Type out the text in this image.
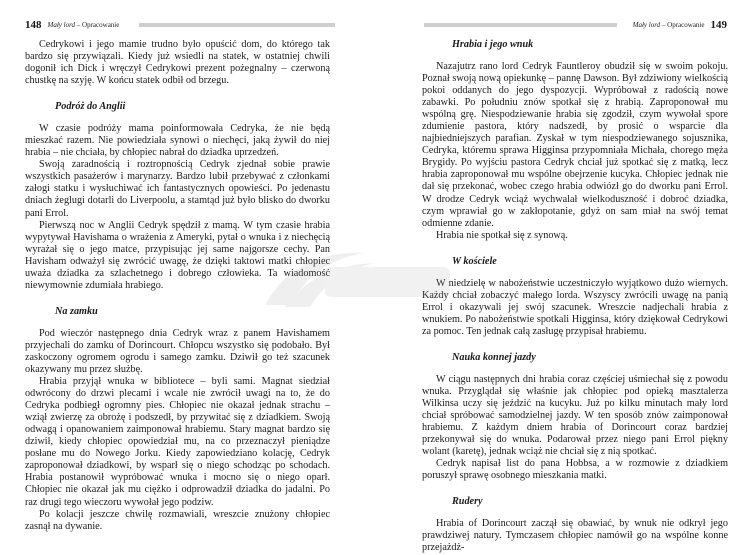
148 Mały lord – Opracowanie

Cedrykowi i jego mamie trudno było opuścić dom, do którego tak bardzo się przywiązali. Kiedy już wsiedli na statek, w ostatniej chwili dogonił ich Dick i wręczył Cedrykowi prezent pożegnalny – czerwoną chustkę na szyję. W końcu statek odbił od brzegu.

Podróż do Anglii

W czasie podróży mama poinformowała Cedryka, że nie będą mieszkać razem. Nie powiedziała synowi o niechęci, jaką żywił do niej hrabia – nie chciała, by chłopiec nabrał do dziadka uprzedzeń.

Swoją zaradnością i roztropnością Cedryk zjednał sobie prawie wszystkich pasażerów i marynarzy. Bardzo lubił przebywać z członkami załogi statku i wysłuchiwać ich fantastycznych opowieści. Po jedenastu dniach żeglugi dotarli do Liverpoolu, a stamtąd już było blisko do dworku pani Errol.

Pierwszą noc w Anglii Cedryk spędził z mamą. W tym czasie hrabia wypytywał Havishama o wrażenia z Ameryki, pytał o wnuka i z niechęcią wyrażał się o jego matce, przypisując jej same najgorsze cechy. Pan Havisham odważył się zwrócić uwagę, że dzięki taktowi matki chłopiec uważa dziadka za szlachetnego i dobrego człowieka. Ta wiadomość niewymownie zdumiała hrabiego.

Na zamku

Pod wieczór następnego dnia Cedryk wraz z panem Havishamem przyjechali do zamku of Dorincourt. Chłopcu wszystko się podobało. Był zaskoczony ogromem ogrodu i samego zamku. Dziwił go też szacunek okazywany mu przez służbę.

Hrabia przyjął wnuka w bibliotece – byli sami. Magnat siedział odwrócony do drzwi plecami i wcale nie zwrócił uwagi na to, że do Cedryka podbiegł ogromny pies. Chłopiec nie okazał jednak strachu – wziął zwierzę za obrożę i podszedł, by przywitać się z dziadkiem. Swoją odwagą i opanowaniem zaimponował hrabiemu. Stary magnat bardzo się dziwił, kiedy chłopiec opowiedział mu, na co przeznaczył pieniądze posłane mu do Nowego Jorku. Kiedy zapowiedziano kolację, Cedryk zaproponował dziadkowi, by wsparł się o niego schodząc po schodach. Hrabia postanowił wypróbować wnuka i mocno się o niego oparł. Chłopiec nie okazał jak mu ciężko i odprowadził dziadka do jadalni. Po raz drugi tego wieczoru wywołał jego podziw.

Po kolacji jeszcze chwilę rozmawiali, wreszcie znużony chłopiec zasnął na dywanie.

Mały lord – Opracowanie 149
Hrabia i jego wnuk

Nazajutrz rano lord Cedryk Fauntleroy obudził się w swoim pokoju. Poznał swoją nową opiekunkę – pannę Dawson. Był zdziwiony wielkością pokoi oddanych do jego dyspozycji. Wypróbował z radością nowe zabawki. Po południu znów spotkał się z hrabią. Zaproponował mu wspólną grę. Niespodziewanie hrabia się zgodził, czym wywołał spore zdumienie pastora, który nadszedł, by prosić o wsparcie dla najbiedniejszych parafian. Zyskał w tym niespodziewanego sojusznika, Cedryka, któremu sprawa Higginsa przypomniała Michała, chorego męża Brygidy. Po wyjściu pastora Cedryk chciał już spotkać się z matką, lecz hrabia zaproponował mu wspólne obejrzenie kucyka. Chłopiec jednak nie dał się przekonać, wobec czego hrabia odwiózł go do dworku pani Errol. W drodze Cedryk wciąż wychwalał wielkoduszność i dobroć dziadka, czym wprawiał go w zakłopotanie, gdyż on sam miał na swój temat odmienne zdanie.

Hrabia nie spotkał się z synową.

W kościele

W niedzielę w nabożeństwie uczestniczyło wyjątkowo dużo wiernych. Każdy chciał zobaczyć małego lorda. Wszyscy zwrócili uwagę na panią Errol i okazywali jej swój szacunek. Wreszcie nadjechali hrabia z wnukiem. Po nabożeństwie spotkali Higginsa, który dziękował Cedrykowi za pomoc. Ten jednak całą zasługę przypisał hrabiemu.

Nauka konnej jazdy

W ciągu następnych dni hrabia coraz częściej uśmiechał się z powodu wnuka. Przyglądał się właśnie jak chłopiec pod opieką masztalerza Wilkinsa uczy się jeździć na kucyku. Już po kilku minutach mały lord chciał spróbować samodzielnej jazdy. W ten sposób znów zaimponował hrabiemu. Z każdym dniem hrabia of Dorincourt coraz bardziej przekonywał się do wnuka. Podarował przez niego pani Errol piękny wolant (karetę), jednak wciąż nie chciał się z nią spotkać.

Cedryk napisał list do pana Hobbsa, a w rozmowie z dziadkiem poruszył sprawę osobnego mieszkania matki.

Rudery

Hrabia of Dorincourt zaczął się obawiać, by wnuk nie odkrył jego prawdziwej natury. Tymczasem chłopiec namówił go na wspólne konne przejażdż-
